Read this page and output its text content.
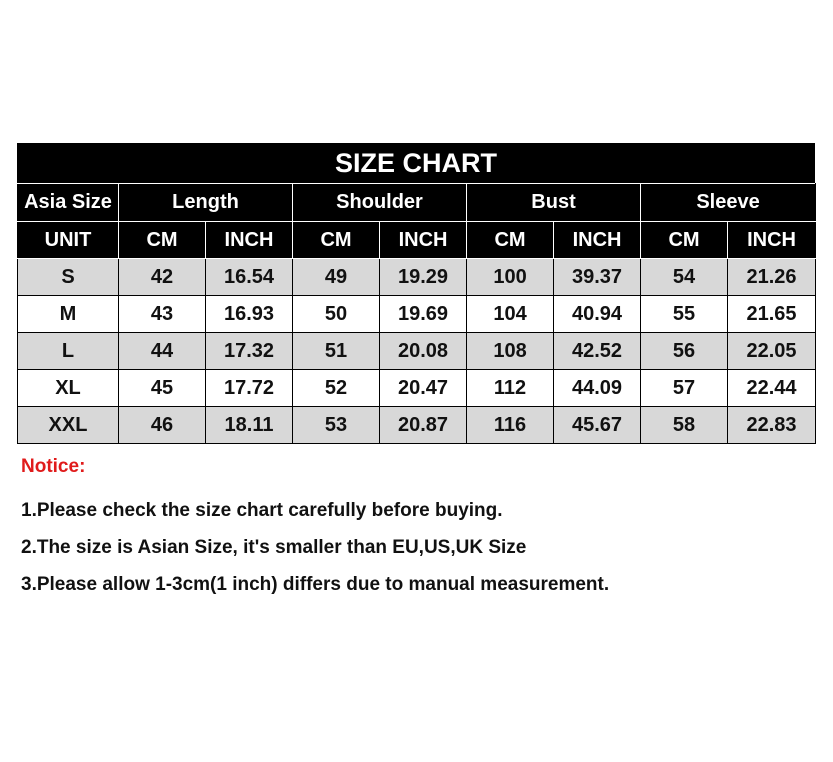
SIZE CHART
Asia Size	Length		Shoulder		Bust		Sleeve	
UNIT	CM	INCH	CM	INCH	CM	INCH	CM	INCH
S	42	16.54	49	19.29	100	39.37	54	21.26
M	43	16.93	50	19.69	104	40.94	55	21.65
L	44	17.32	51	20.08	108	42.52	56	22.05
XL	45	17.72	52	20.47	112	44.09	57	22.44
XXL	46	18.11	53	20.87	116	45.67	58	22.83
Notice:
1.Please check the size chart carefully before buying.
2.The size is Asian Size, it's smaller than EU,US,UK Size
3.Please allow 1-3cm(1 inch) differs due to manual measurement.
